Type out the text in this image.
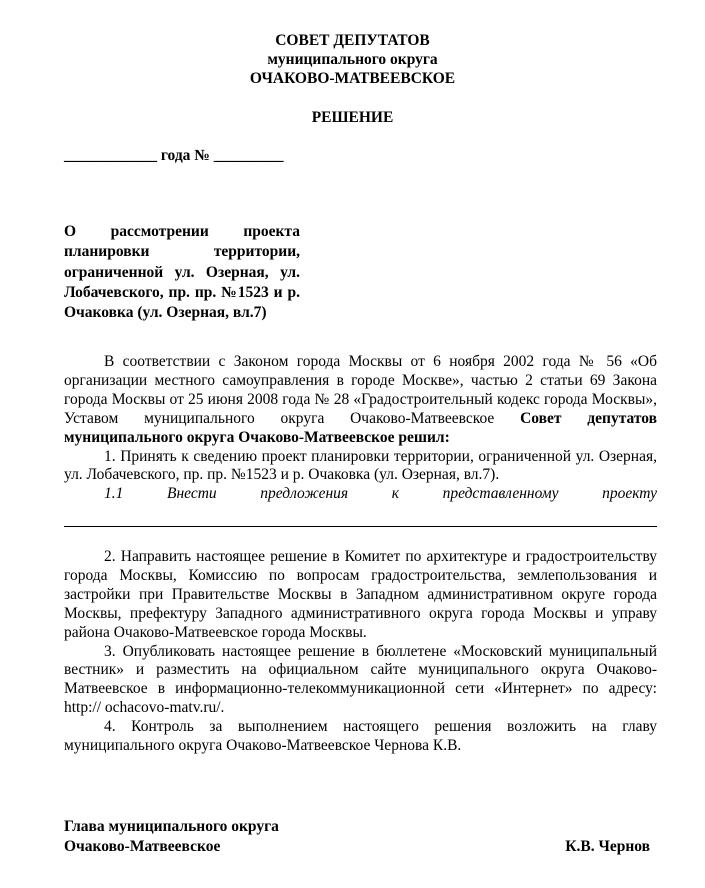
СОВЕТ ДЕПУТАТОВ
муниципального округа
ОЧАКОВО-МАТВЕЕВСКОЕ
РЕШЕНИЕ
____________ года № _________
О рассмотрении проекта планировки территории, ограниченной ул. Озерная, ул. Лобачевского, пр. пр. №1523 и р. Очаковка (ул. Озерная, вл.7)

В соответствии с Законом города Москвы от 6 ноября 2002 года № 56 «Об организации местного самоуправления в городе Москве», частью 2 статьи 69 Закона города Москвы от 25 июня 2008 года № 28 «Градостроительный кодекс города Москвы», Уставом муниципального округа Очаково-Матвеевское Совет депутатов муниципального округа Очаково-Матвеевское решил:

1. Принять к сведению проект планировки территории, ограниченной ул. Озерная, ул. Лобачевского, пр. пр. №1523 и р. Очаковка (ул. Озерная, вл.7).

1.1 Внести предложения к представленному проекту

2. Направить настоящее решение в Комитет по архитектуре и градостроительству города Москвы, Комиссию по вопросам градостроительства, землепользования и застройки при Правительстве Москвы в Западном административном округе города Москвы, префектуру Западного административного округа города Москвы и управу района Очаково-Матвеевское города Москвы.

3. Опубликовать настоящее решение в бюллетене «Московский муниципальный вестник» и разместить на официальном сайте муниципального округа Очаково-Матвеевское в информационно-телекоммуникационной сети «Интернет» по адресу: http:// ochacovo-matv.ru/.

4. Контроль за выполнением настоящего решения возложить на главу муниципального округа Очаково-Матвеевское Чернова К.В.

Глава муниципального округа
Очаково-Матвеевское	К.В. Чернов
